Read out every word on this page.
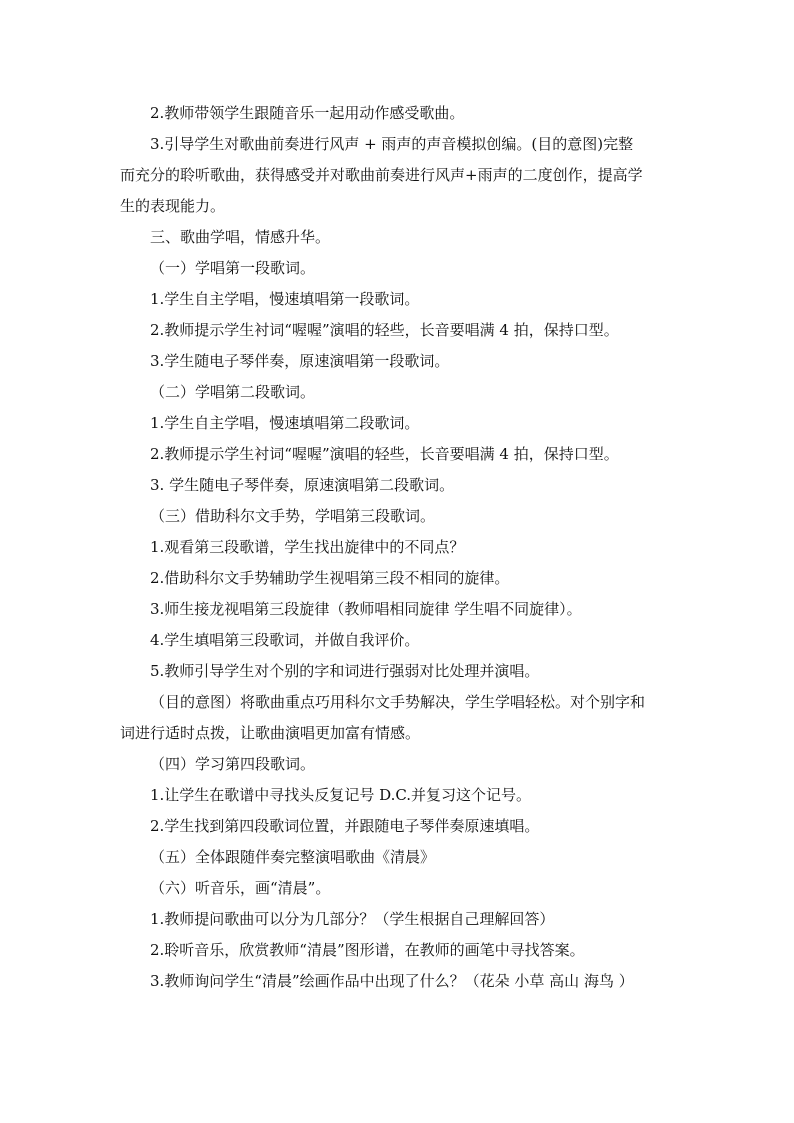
2.教师带领学生跟随音乐一起用动作感受歌曲。
3.引导学生对歌曲前奏进行风声 + 雨声的声音模拟创编。(目的意图)完整
而充分的聆听歌曲，获得感受并对歌曲前奏进行风声+雨声的二度创作，提高学
生的表现能力。
三、歌曲学唱，情感升华。
（一）学唱第一段歌词。
1.学生自主学唱，慢速填唱第一段歌词。
2.教师提示学生衬词“喔喔”演唱的轻些，长音要唱满 4 拍，保持口型。
3.学生随电子琴伴奏，原速演唱第一段歌词。
（二）学唱第二段歌词。
1.学生自主学唱，慢速填唱第二段歌词。
2.教师提示学生衬词“喔喔”演唱的轻些，长音要唱满 4 拍，保持口型。
3. 学生随电子琴伴奏，原速演唱第二段歌词。
（三）借助科尔文手势，学唱第三段歌词。
1.观看第三段歌谱，学生找出旋律中的不同点？
2.借助科尔文手势辅助学生视唱第三段不相同的旋律。
3.师生接龙视唱第三段旋律（教师唱相同旋律 学生唱不同旋律）。
4.学生填唱第三段歌词，并做自我评价。
5.教师引导学生对个别的字和词进行强弱对比处理并演唱。
（目的意图）将歌曲重点巧用科尔文手势解决，学生学唱轻松。对个别字和
词进行适时点拨，让歌曲演唱更加富有情感。
（四）学习第四段歌词。
1.让学生在歌谱中寻找头反复记号 D.C.并复习这个记号。
2.学生找到第四段歌词位置，并跟随电子琴伴奏原速填唱。
（五）全体跟随伴奏完整演唱歌曲《清晨》
（六）听音乐，画“清晨”。
1.教师提问歌曲可以分为几部分？（学生根据自己理解回答）
2.聆听音乐，欣赏教师“清晨”图形谱，在教师的画笔中寻找答案。
3.教师询问学生“清晨”绘画作品中出现了什么？（花朵 小草 高山 海鸟 ）
